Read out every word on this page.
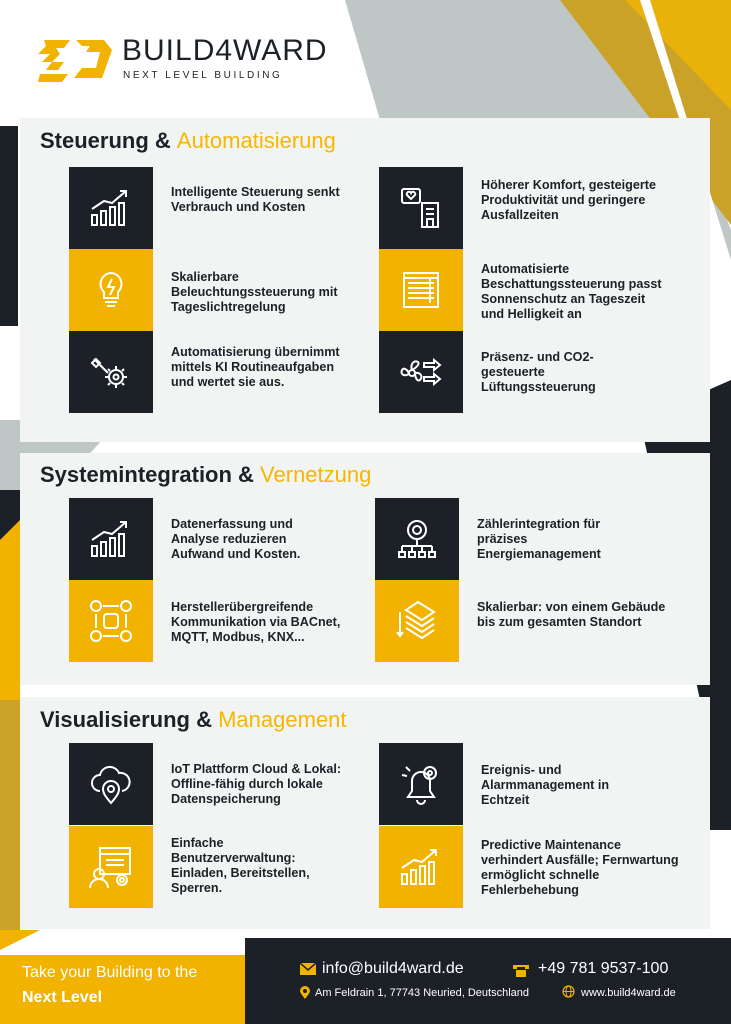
BUILD4WARD
NEXT LEVEL BUILDING
Steuerung & Automatisierung
Intelligente Steuerung senkt Verbrauch und Kosten
Skalierbare Beleuchtungssteuerung mit Tageslichtregelung
Automatisierung übernimmt mittels KI Routineaufgaben und wertet sie aus.
Höherer Komfort, gesteigerte Produktivität und geringere Ausfallzeiten
Automatisierte Beschattungssteuerung passt Sonnenschutz an Tageszeit und Helligkeit an
Präsenz- und CO2-gesteuerte Lüftungssteuerung
Systemintegration & Vernetzung
Datenerfassung und Analyse reduzieren Aufwand und Kosten.
Herstellerübergreifende Kommunikation via BACnet, MQTT, Modbus, KNX...
Zählerintegration für präzises Energiemanagement
Skalierbar: von einem Gebäude bis zum gesamten Standort
Visualisierung & Management
IoT Plattform Cloud & Lokal: Offline-fähig durch lokale Datenspeicherung
Einfache Benutzerverwaltung: Einladen, Bereitstellen, Sperren.
Ereignis- und Alarmmanagement in Echtzeit
Predictive Maintenance verhindert Ausfälle; Fernwartung ermöglicht schnelle Fehlerbehebung
Take your Building to the
Next Level
info@build4ward.de	+49 781 9537-100
Am Feldrain 1, 77743 Neuried, Deutschland	www.build4ward.de
